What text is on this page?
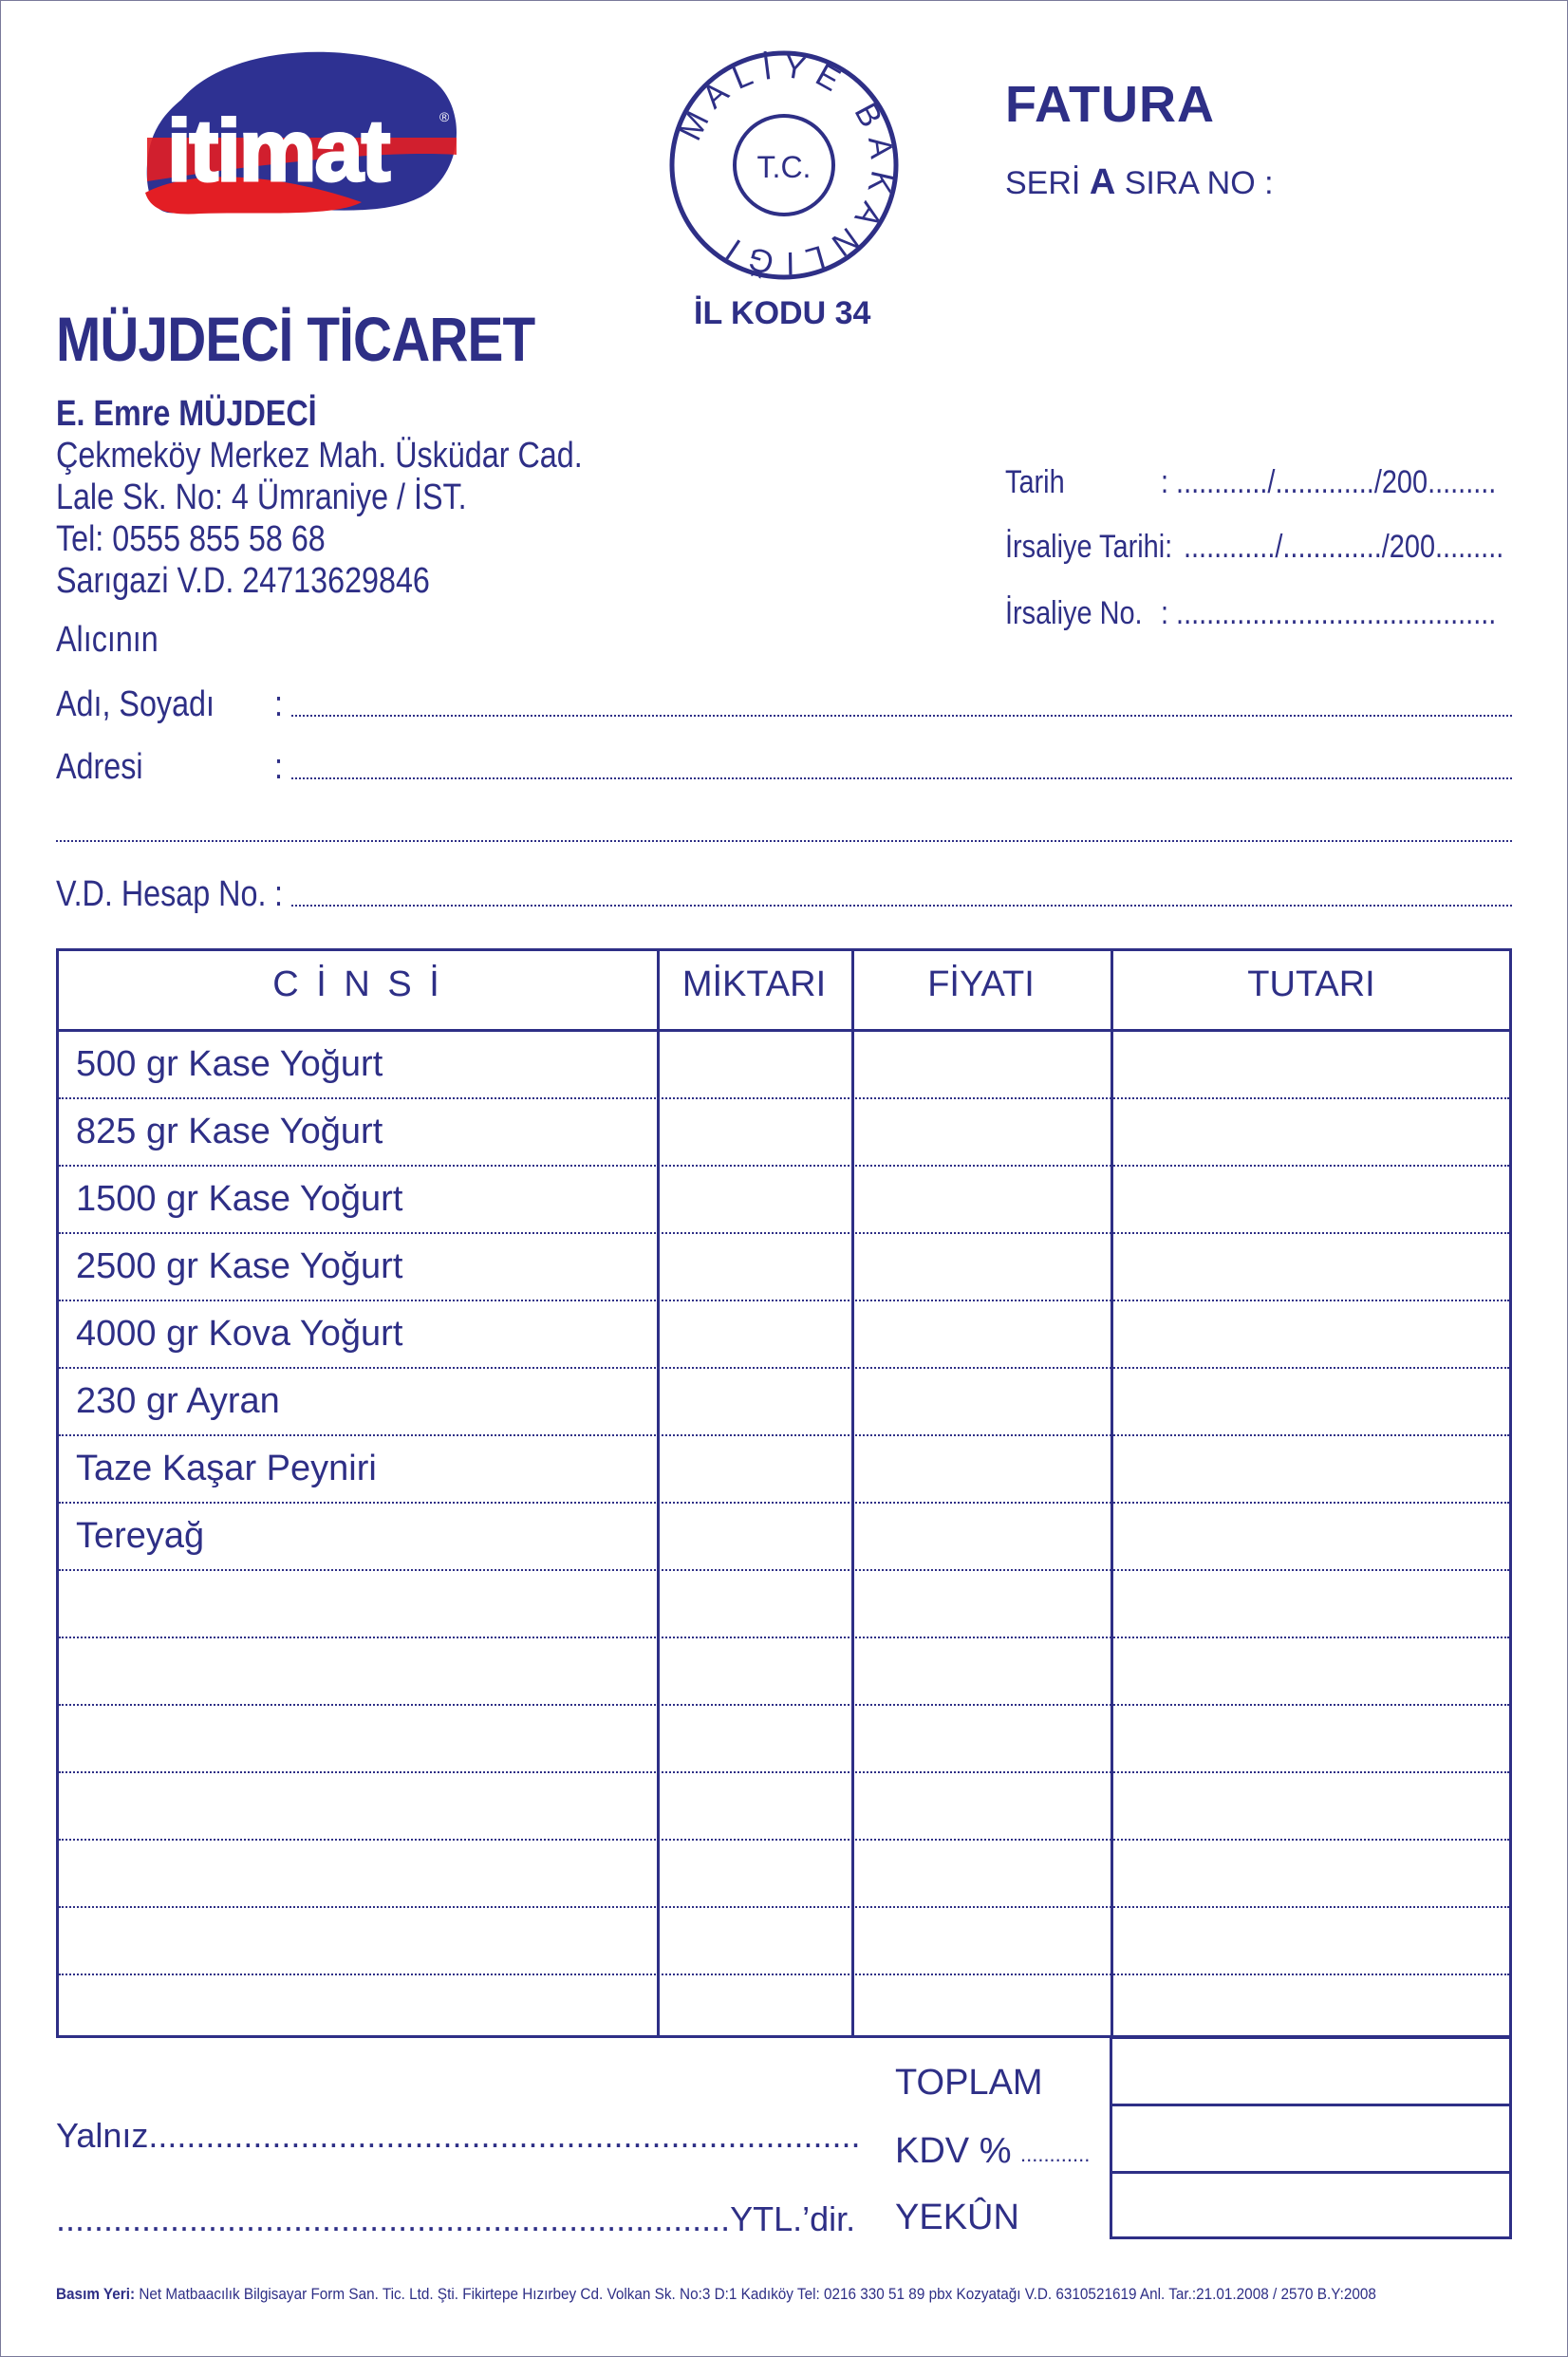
itimat	®	MALİYE BAKANLIĞI
T.C.
İL KODU 34
FATURA
SERİ A SIRA NO :
MÜJDECİ TİCARET
E. Emre MÜJDECİ
Çekmeköy Merkez Mah. Üsküdar Cad.
Lale Sk. No: 4 Ümraniye / İST.
Tel: 0555 855 58 68
Sarıgazi V.D. 24713629846
Tarih	: ............/............./200.........
İrsaliye Tarihi: ............/............./200.........
İrsaliye No. : ..........................................
Alıcının
Adı, Soyadı :
Adresi	:
V.D. Hesap No. :
C İ N S İ	MİKTARI	FİYATI	TUTARI
500 gr Kase Yoğurt
825 gr Kase Yoğurt
1500 gr Kase Yoğurt
2500 gr Kase Yoğurt
4000 gr Kova Yoğurt
230 gr Ayran
Taze Kaşar Peyniri
Tereyağ
TOPLAM
KDV % ............
YEKÛN
Yalnız...........................................................................
.......................................................................YTL.’dir.
Basım Yeri: Net Matbaacılık Bilgisayar Form San. Tic. Ltd. Şti. Fikirtepe Hızırbey Cd. Volkan Sk. No:3 D:1 Kadıköy Tel: 0216 330 51 89 pbx Kozyatağı V.D. 6310521619 Anl. Tar.:21.01.2008 / 2570 B.Y:2008
